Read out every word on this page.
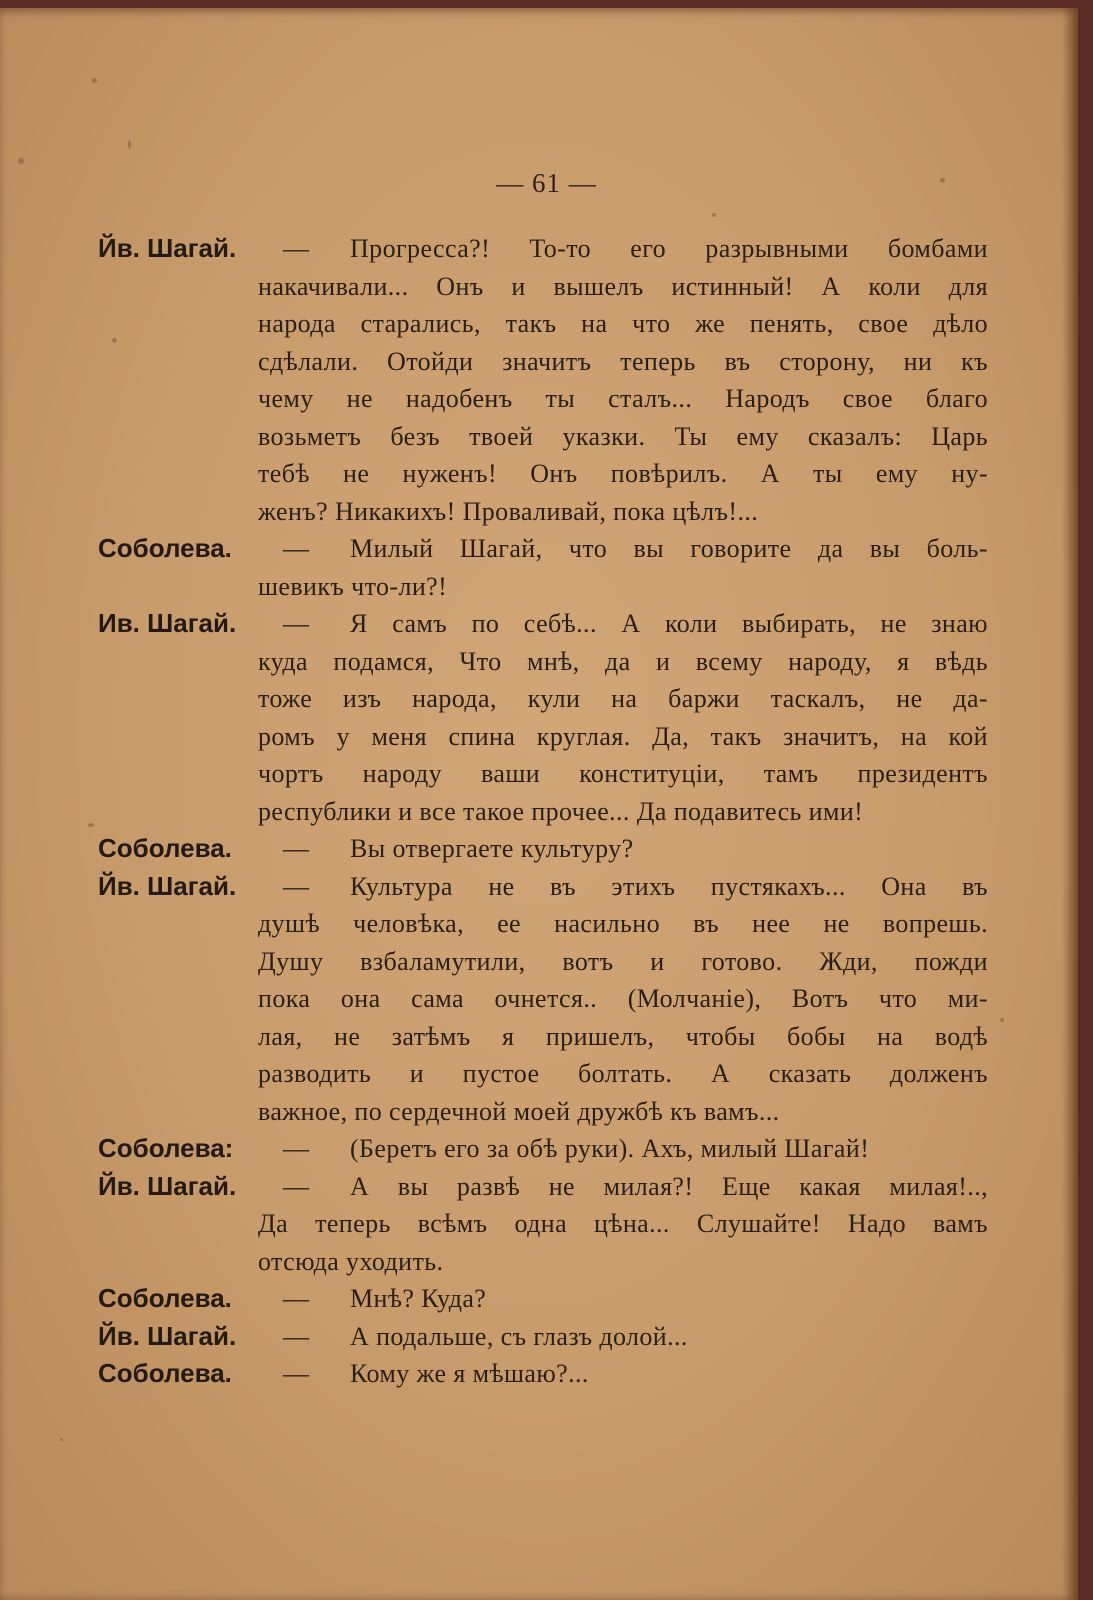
— 61 —
Йв. Шагай. —	Прогресса?! То-то его разрывными бомбами
накачивали... Онъ и вышелъ истинный! А коли для
народа старались, такъ на что же пенять, свое дѣло
сдѣлали. Отойди значитъ теперь въ сторону, ни къ
чему не надобенъ ты сталъ... Народъ свое благо
возьметъ безъ твоей указки. Ты ему сказалъ: Царь
тебѣ не нуженъ! Онъ повѣрилъ. А ты ему ну-
женъ? Никакихъ! Проваливай, пока цѣлъ!...
Соболева. —	Милый Шагай, что вы говорите да вы боль-
шевикъ что-ли?!
Ив. Шагай. —	Я самъ по себѣ... А коли выбирать, не знаю
куда подамся, Что мнѣ, да и всему народу, я вѣдь
тоже изъ народа, кули на баржи таскалъ, не да-
ромъ у меня спина круглая. Да, такъ значитъ, на кой
чортъ народу ваши конституціи, тамъ президентъ
республики и все такое прочее... Да подавитесь ими!
Соболева. —	Вы отвергаете культуру?
Йв. Шагай. —	Культура не въ этихъ пустякахъ... Она въ
душѣ человѣка, ее насильно въ нее не вопрешь.
Душу взбаламутили, вотъ и готово. Жди, пожди
пока она сама очнется.. (Молчаніе), Вотъ что ми-
лая, не затѣмъ я пришелъ, чтобы бобы на водѣ
разводить и пустое болтать. А сказать долженъ
важное, по сердечной моей дружбѣ къ вамъ...
Соболева: —	(Беретъ его за обѣ руки). Ахъ, милый Шагай!
Йв. Шагай. —	А вы развѣ не милая?! Еще какая милая!..,
Да теперь всѣмъ одна цѣна... Слушайте! Надо вамъ
отсюда уходить.
Соболева. —	Мнѣ? Куда?
Йв. Шагай. —	А подальше, съ глазъ долой...
Соболева. —	Кому же я мѣшаю?...
